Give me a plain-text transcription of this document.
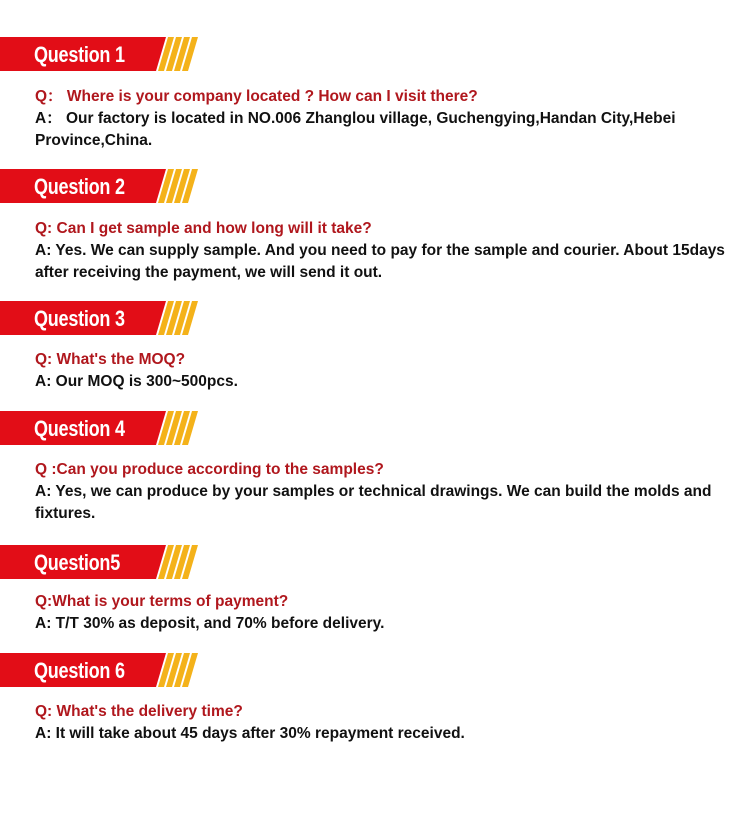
Question 1

Q： Where is your company located ? How can I visit there?

A： Our factory is located in NO.006 Zhanglou village, Guchengying,Handan City,Hebei Province,China.

Question 2

Q: Can I get sample and how long will it take?

A: Yes. We can supply sample. And you need to pay for the sample and courier. About 15days after receiving the payment, we will send it out.

Question 3

Q: What's the MOQ?

A: Our MOQ is 300~500pcs.

Question 4

Q :Can you produce according to the samples?

A: Yes, we can produce by your samples or technical drawings. We can build the molds and fixtures.

Question5

Q:What is your terms of payment?

A: T/T 30% as deposit, and 70% before delivery.

Question 6

Q: What's the delivery time?

A: It will take about 45 days after 30% repayment received.
